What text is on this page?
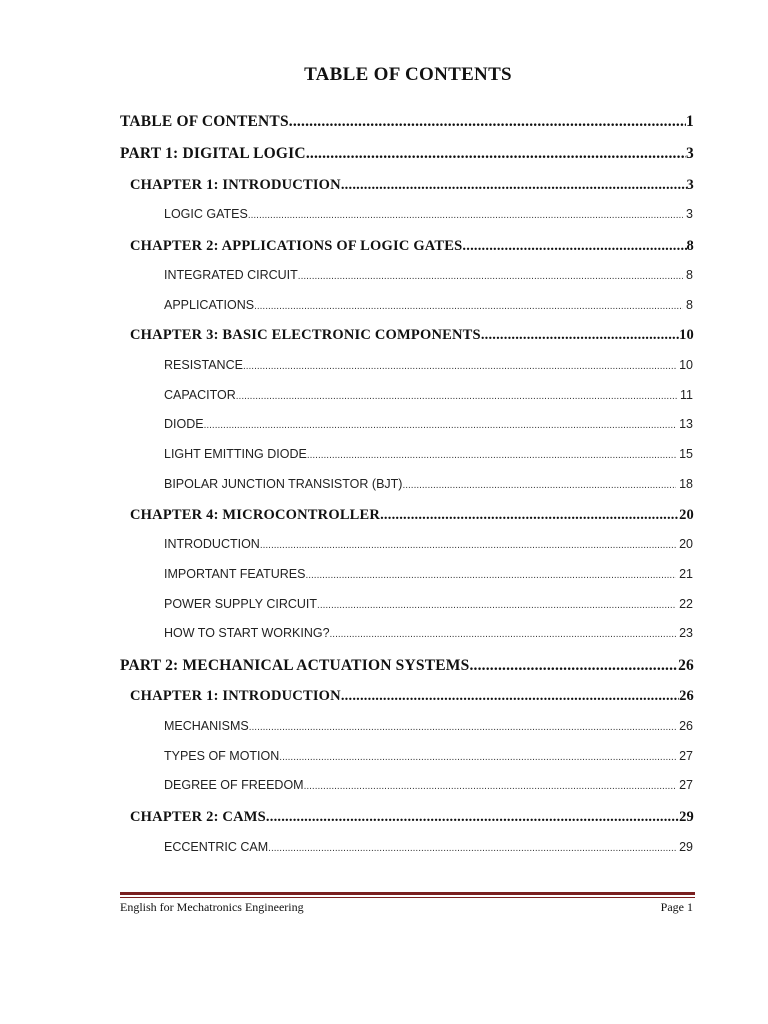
TABLE OF CONTENTS
TABLE OF CONTENTS .....	1
PART 1: DIGITAL LOGIC .....	3
CHAPTER 1: INTRODUCTION .....	3
LOGIC GATES .....	3
CHAPTER 2: APPLICATIONS OF LOGIC GATES .....	8
INTEGRATED CIRCUIT .....	8
APPLICATIONS .....	8
CHAPTER 3: BASIC ELECTRONIC COMPONENTS .....	10
RESISTANCE .....	10
CAPACITOR .....	11
DIODE .....	13
LIGHT EMITTING DIODE .....	15
BIPOLAR JUNCTION TRANSISTOR (BJT) .....	18
CHAPTER 4: MICROCONTROLLER .....	20
INTRODUCTION .....	20
IMPORTANT FEATURES .....	21
POWER SUPPLY CIRCUIT .....	22
HOW TO START WORKING? .....	23
PART 2: MECHANICAL ACTUATION SYSTEMS .....	26
CHAPTER 1: INTRODUCTION .....	26
MECHANISMS .....	26
TYPES OF MOTION .....	27
DEGREE OF FREEDOM .....	27
CHAPTER 2: CAMS .....	29
ECCENTRIC CAM .....	29
English for Mechatronics Engineering	Page 1
